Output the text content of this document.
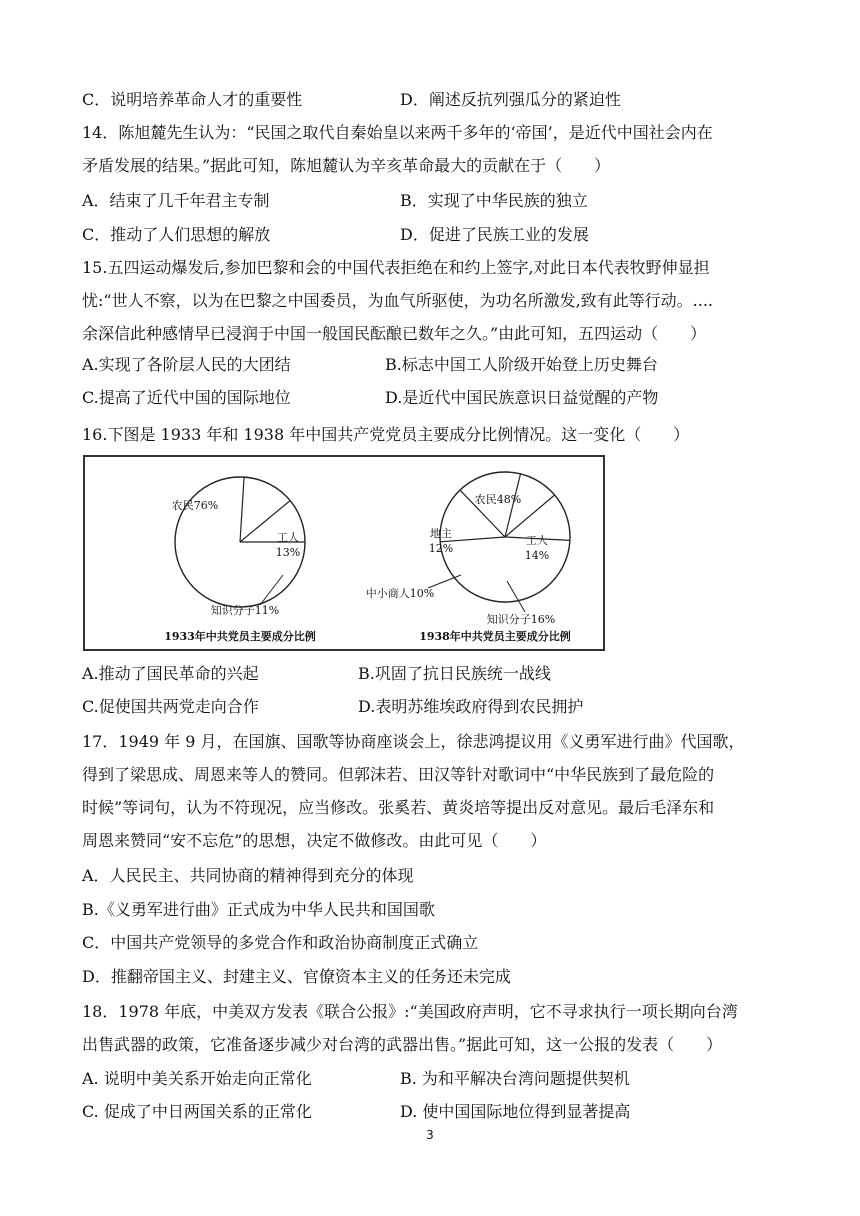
C．说明培养革命人才的重要性	D．阐述反抗列强瓜分的紧迫性
14．陈旭麓先生认为：“民国之取代自秦始皇以来两千多年的‘帝国’，是近代中国社会内在
矛盾发展的结果。”据此可知，陈旭麓认为辛亥革命最大的贡献在于（　　）
A．结束了几千年君主专制	B．实现了中华民族的独立
C．推动了人们思想的解放	D．促进了民族工业的发展
15.五四运动爆发后,参加巴黎和会的中国代表拒绝在和约上签字,对此日本代表牧野伸显担
忧:“世人不察，以为在巴黎之中国委员，为血气所驱使，为功名所激发,致有此等行动。....
余深信此种感情早已浸润于中国一般国民酝酿已数年之久。”由此可知，五四运动（　　）
A.实现了各阶层人民的大团结	B.标志中国工人阶级开始登上历史舞台
C.提高了近代中国的国际地位	D.是近代中国民族意识日益觉醒的产物
16.下图是 1933 年和 1938 年中国共产党党员主要成分比例情况。这一变化（　　）
农民76%
工人
13%
知识分子11%
1933年中共党员主要成分比例
农民48%
工人
14%
知识分子16%
中小商人10%
地主
12%
1938年中共党员主要成分比例
A.推动了国民革命的兴起	B.巩固了抗日民族统一战线
C.促使国共两党走向合作	D.表明苏维埃政府得到农民拥护
17．1949 年 9 月，在国旗、国歌等协商座谈会上，徐悲鸿提议用《义勇军进行曲》代国歌，
得到了梁思成、周恩来等人的赞同。但郭沫若、田汉等针对歌词中“中华民族到了最危险的
时候”等词句，认为不符现况，应当修改。张奚若、黄炎培等提出反对意见。最后毛泽东和
周恩来赞同“安不忘危”的思想，决定不做修改。由此可见（　　）
A．人民民主、共同协商的精神得到充分的体现
B.《义勇军进行曲》正式成为中华人民共和国国歌
C．中国共产党领导的多党合作和政治协商制度正式确立
D．推翻帝国主义、封建主义、官僚资本主义的任务还未完成
18．1978 年底，中美双方发表《联合公报》:“美国政府声明，它不寻求执行一项长期向台湾
出售武器的政策，它准备逐步减少对台湾的武器出售。”据此可知，这一公报的发表（　　）
A. 说明中美关系开始走向正常化	B. 为和平解决台湾问题提供契机
C. 促成了中日两国关系的正常化	D. 使中国国际地位得到显著提高
3
